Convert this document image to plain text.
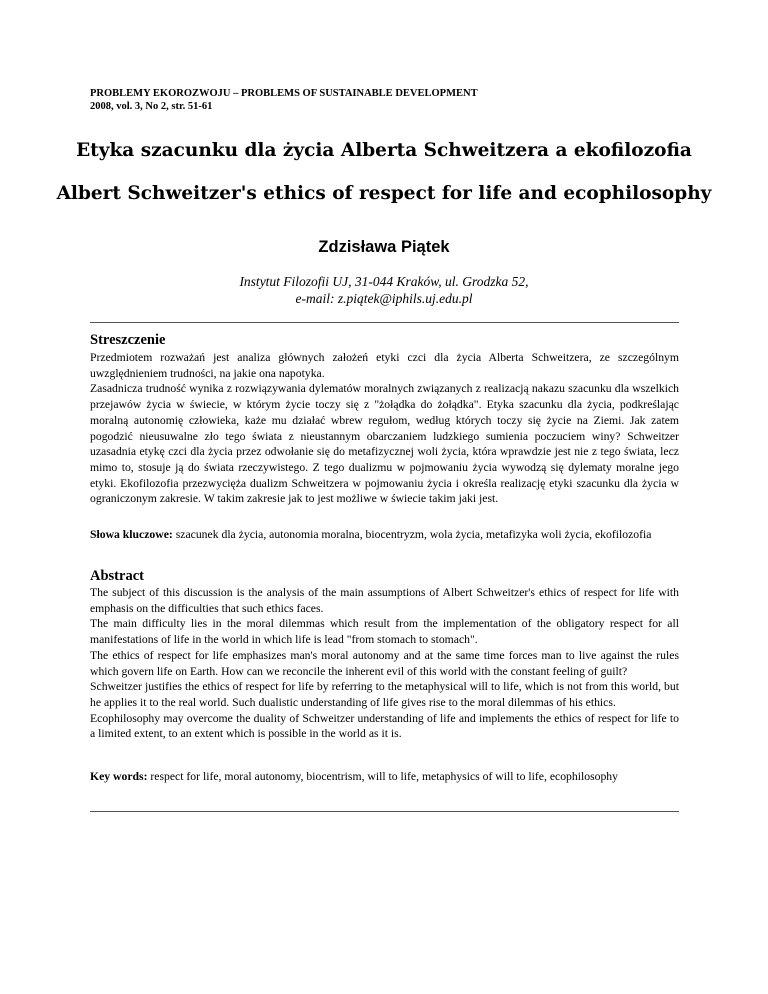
PROBLEMY EKOROZWOJU – PROBLEMS OF SUSTAINABLE DEVELOPMENT
2008, vol. 3, No 2, str. 51-61
Etyka szacunku dla życia Alberta Schweitzera a ekofilozofia
Albert Schweitzer's ethics of respect for life and ecophilosophy
Zdzisława Piątek
Instytut Filozofii UJ, 31-044 Kraków, ul. Grodzka 52,
e-mail: z.piątek@iphils.uj.edu.pl
Streszczenie

Przedmiotem rozważań jest analiza głównych założeń etyki czci dla życia Alberta Schweitzera, ze szczególnym uwzględnieniem trudności, na jakie ona napotyka.

Zasadnicza trudność wynika z rozwiązywania dylematów moralnych związanych z realizacją nakazu szacunku dla wszelkich przejawów życia w świecie, w którym życie toczy się z "żołądka do żołądka". Etyka szacunku dla życia, podkreślając moralną autonomię człowieka, każe mu działać wbrew regułom, według których toczy się życie na Ziemi. Jak zatem pogodzić nieusuwalne zło tego świata z nieustannym obarczaniem ludzkiego sumienia poczuciem winy? Schweitzer uzasadnia etykę czci dla życia przez odwołanie się do metafizycznej woli życia, która wprawdzie jest nie z tego świata, lecz mimo to, stosuje ją do świata rzeczywistego. Z tego dualizmu w pojmowaniu życia wywodzą się dylematy moralne jego etyki. Ekofilozofia przezwycięża dualizm Schweitzera w pojmowaniu życia i określa realizację etyki szacunku dla życia w ograniczonym zakresie. W takim zakresie jak to jest możliwe w świecie takim jaki jest.

Słowa kluczowe: szacunek dla życia, autonomia moralna, biocentryzm, wola życia, metafizyka woli życia, ekofilozofia
Abstract

The subject of this discussion is the analysis of the main assumptions of Albert Schweitzer's ethics of respect for life with emphasis on the difficulties that such ethics faces.

The main difficulty lies in the moral dilemmas which result from the implementation of the obligatory respect for all manifestations of life in the world in which life is lead "from stomach to stomach".

The ethics of respect for life emphasizes man's moral autonomy and at the same time forces man to live against the rules which govern life on Earth. How can we reconcile the inherent evil of this world with the constant feeling of guilt?

Schweitzer justifies the ethics of respect for life by referring to the metaphysical will to life, which is not from this world, but he applies it to the real world. Such dualistic understanding of life gives rise to the moral dilemmas of his ethics.

Ecophilosophy may overcome the duality of Schweitzer understanding of life and implements the ethics of respect for life to a limited extent, to an extent which is possible in the world as it is.

Key words: respect for life, moral autonomy, biocentrism, will to life, metaphysics of will to life, ecophilosophy
